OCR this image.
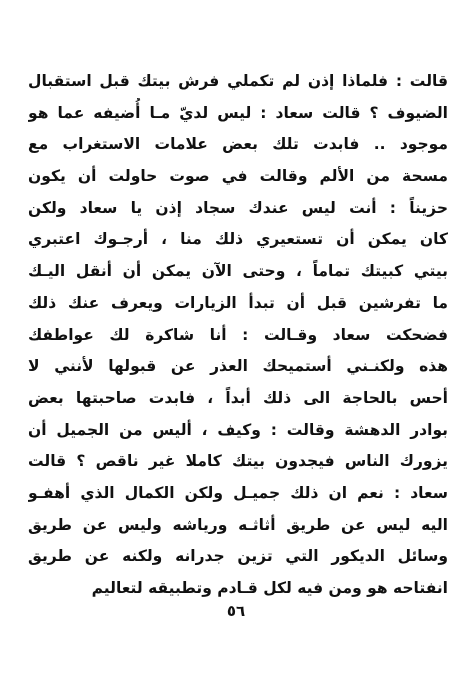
قالت : فلماذا إذن لم تكملي فرش بيتك قبل استقبال
الضيوف ؟ قالت سعاد : ليس لديّ مـا أُضيفه عما هو
موجود .. فابدت تلك بعض علامات الاستغراب مع
مسحة من الألم وقالت في صوت حاولت أن يكون
حزيناً : أنت ليس عندك سجاد إذن يا سعاد ولكن
كان يمكن أن تستعيري ذلك منا ، أرجـوك اعتبري
بيتي كبيتك تماماً ، وحتى الآن يمكن أن أنقل اليـك
ما تفرشين قبل أن تبدأ الزيارات ويعرف عنك ذلك
فضحكت سعاد وقـالت : أنا شاكرة لك عواطفك
هذه ولكنـني أستميحك العذر عن قبولها لأنني لا
أحس بالحاجة الى ذلك أبداً ، فابدت صاحبتها بعض
بوادر الدهشة وقالت : وكيف ، أليس من الجميل أن
يزورك الناس فيجدون بيتك كاملا غير ناقص ؟ قالت
سعاد : نعم ان ذلك جميـل ولكن الكمال الذي أهفـو
اليه ليس عن طريق أثاثـه ورياشه وليس عن طريق
وسائل الديكور التي تزين جدرانه ولكنه عن طريق
انفتاحه هو ومن فيه لكل قـادم وتطبيقه لتعاليم
٥٦
